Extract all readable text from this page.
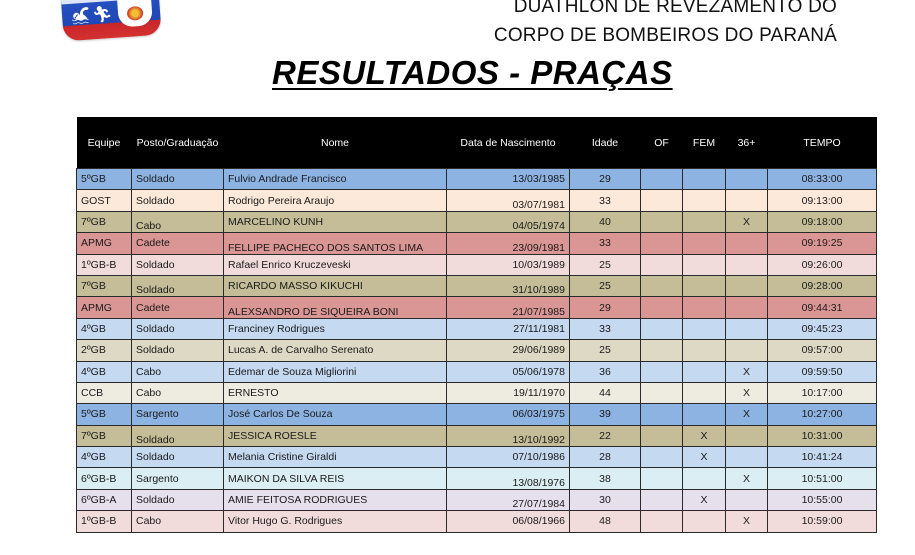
🏊︎ 🏃︎	DUATHLON DE REVEZAMENTO DO
CORPO DE BOMBEIROS DO PARANÁ
RESULTADOS - PRAÇAS
Equipe	Posto/Graduação	Nome	Data de Nascimento	Idade	OF	FEM	36+	TEMPO
5ºGB	Soldado	Fulvio Andrade Francisco	13/03/1985	29				08:33:00
GOST	Soldado	Rodrigo Pereira Araujo	03/07/1981	33				09:13:00
7ºGB	Cabo	MARCELINO KUNH	04/05/1974	40			X	09:18:00
APMG	Cadete	FELLIPE PACHECO DOS SANTOS LIMA	23/09/1981	33				09:19:25
1ºGB-B	Soldado	Rafael Enrico Kruczeveski	10/03/1989	25				09:26:00
7ºGB	Soldado	RICARDO MASSO KIKUCHI	31/10/1989	25				09:28:00
APMG	Cadete	ALEXSANDRO DE SIQUEIRA BONI	21/07/1985	29				09:44:31
4ºGB	Soldado	Franciney Rodrigues	27/11/1981	33				09:45:23
2ºGB	Soldado	Lucas A. de Carvalho Serenato	29/06/1989	25				09:57:00
4ºGB	Cabo	Edemar de Souza Migliorini	05/06/1978	36			X	09:59:50
CCB	Cabo	ERNESTO	19/11/1970	44			X	10:17:00
5ºGB	Sargento	José Carlos De Souza	06/03/1975	39			X	10:27:00
7ºGB	Soldado	JESSICA ROESLE	13/10/1992	22		X		10:31:00
4ºGB	Soldado	Melania Cristine Giraldi	07/10/1986	28		X		10:41:24
6ºGB-B	Sargento	MAIKON DA SILVA REIS	13/08/1976	38			X	10:51:00
6ºGB-A	Soldado	AMIE FEITOSA RODRIGUES	27/07/1984	30		X		10:55:00
1ºGB-B	Cabo	Vitor Hugo G. Rodrigues	06/08/1966	48			X	10:59:00
